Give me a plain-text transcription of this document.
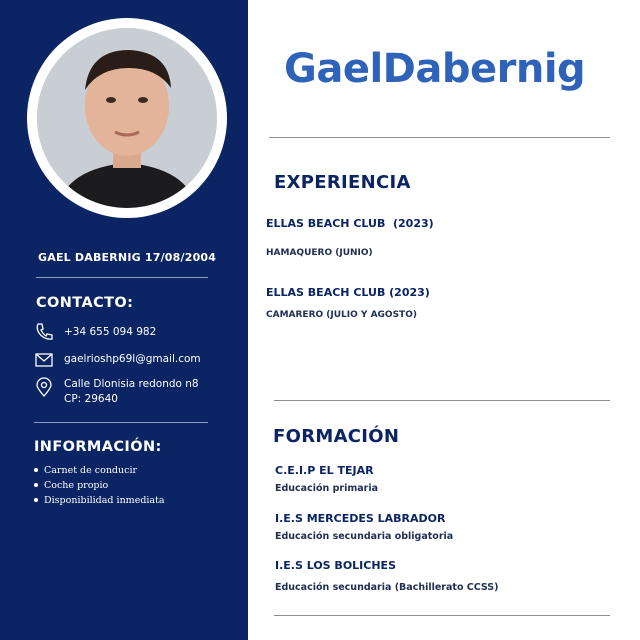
GAEL DABERNIG 17/08/2004
CONTACTO:
+34 655 094 982
gaelrioshp69l@gmail.com
Calle Dlonisia redondo n8
CP: 29640
INFORMACIÓN:
Carnet de conducir
Coche propio
Disponibilidad inmediata
GaelDabernig
EXPERIENCIA
ELLAS BEACH CLUB  (2023)
HAMAQUERO (JUNIO)
ELLAS BEACH CLUB (2023)
CAMARERO (JULIO Y AGOSTO)
FORMACIÓN
C.E.I.P EL TEJAR
Educación primaria
I.E.S MERCEDES LABRADOR
Educación secundaria obligatoria
I.E.S LOS BOLICHES
Educación secundaria (Bachillerato CCSS)
